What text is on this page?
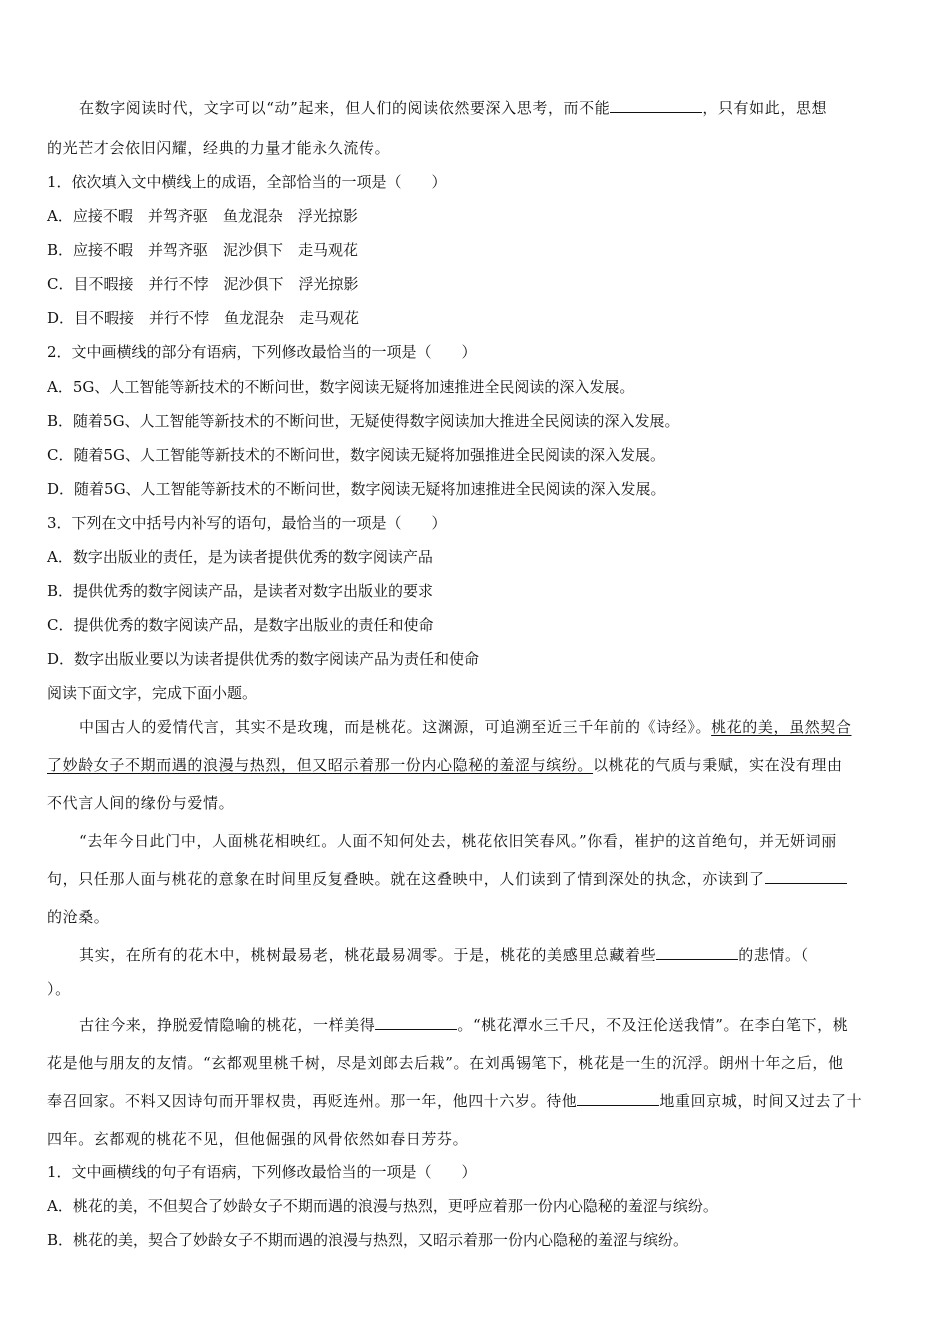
在数字阅读时代，文字可以“动”起来，但人们的阅读依然要深入思考，而不能	，只有如此，思想
的光芒才会依旧闪耀，经典的力量才能永久流传。
1．依次填入文中横线上的成语，全部恰当的一项是（　　）
A．应接不暇　并驾齐驱　鱼龙混杂　浮光掠影
B．应接不暇　并驾齐驱　泥沙俱下　走马观花
C．目不暇接　并行不悖　泥沙俱下　浮光掠影
D．目不暇接　并行不悖　鱼龙混杂　走马观花
2．文中画横线的部分有语病，下列修改最恰当的一项是（　　）
A．5G、人工智能等新技术的不断问世，数字阅读无疑将加速推进全民阅读的深入发展。
B．随着5G、人工智能等新技术的不断问世，无疑使得数字阅读加大推进全民阅读的深入发展。
C．随着5G、人工智能等新技术的不断问世，数字阅读无疑将加强推进全民阅读的深入发展。
D．随着5G、人工智能等新技术的不断问世，数字阅读无疑将加速推进全民阅读的深入发展。
3．下列在文中括号内补写的语句，最恰当的一项是（　　）
A．数字出版业的责任，是为读者提供优秀的数字阅读产品
B．提供优秀的数字阅读产品，是读者对数字出版业的要求
C．提供优秀的数字阅读产品，是数字出版业的责任和使命
D．数字出版业要以为读者提供优秀的数字阅读产品为责任和使命
阅读下面文字，完成下面小题。
中国古人的爱情代言，其实不是玫瑰，而是桃花。这渊源，可追溯至近三千年前的《诗经》。桃花的美，虽然契合
了妙龄女子不期而遇的浪漫与热烈，但又昭示着那一份内心隐秘的羞涩与缤纷。以桃花的气质与秉赋，实在没有理由
不代言人间的缘份与爱情。
“去年今日此门中，人面桃花相映红。人面不知何处去，桃花依旧笑春风。”你看，崔护的这首绝句，并无妍词丽
句，只任那人面与桃花的意象在时间里反复叠映。就在这叠映中，人们读到了情到深处的执念，亦读到了
的沧桑。
其实，在所有的花木中，桃树最易老，桃花最易凋零。于是，桃花的美感里总藏着些	的悲情。（
）。
古往今来，挣脱爱情隐喻的桃花，一样美得	。“桃花潭水三千尺，不及汪伦送我情”。在李白笔下，桃
花是他与朋友的友情。“玄都观里桃千树，尽是刘郎去后栽”。在刘禹锡笔下，桃花是一生的沉浮。朗州十年之后，他
奉召回家。不料又因诗句而开罪权贵，再贬连州。那一年，他四十六岁。待他	地重回京城，时间又过去了十
四年。玄都观的桃花不见，但他倔强的风骨依然如春日芳芬。
1．文中画横线的句子有语病，下列修改最恰当的一项是（　　）
A．桃花的美，不但契合了妙龄女子不期而遇的浪漫与热烈，更呼应着那一份内心隐秘的羞涩与缤纷。
B．桃花的美，契合了妙龄女子不期而遇的浪漫与热烈，又昭示着那一份内心隐秘的羞涩与缤纷。
